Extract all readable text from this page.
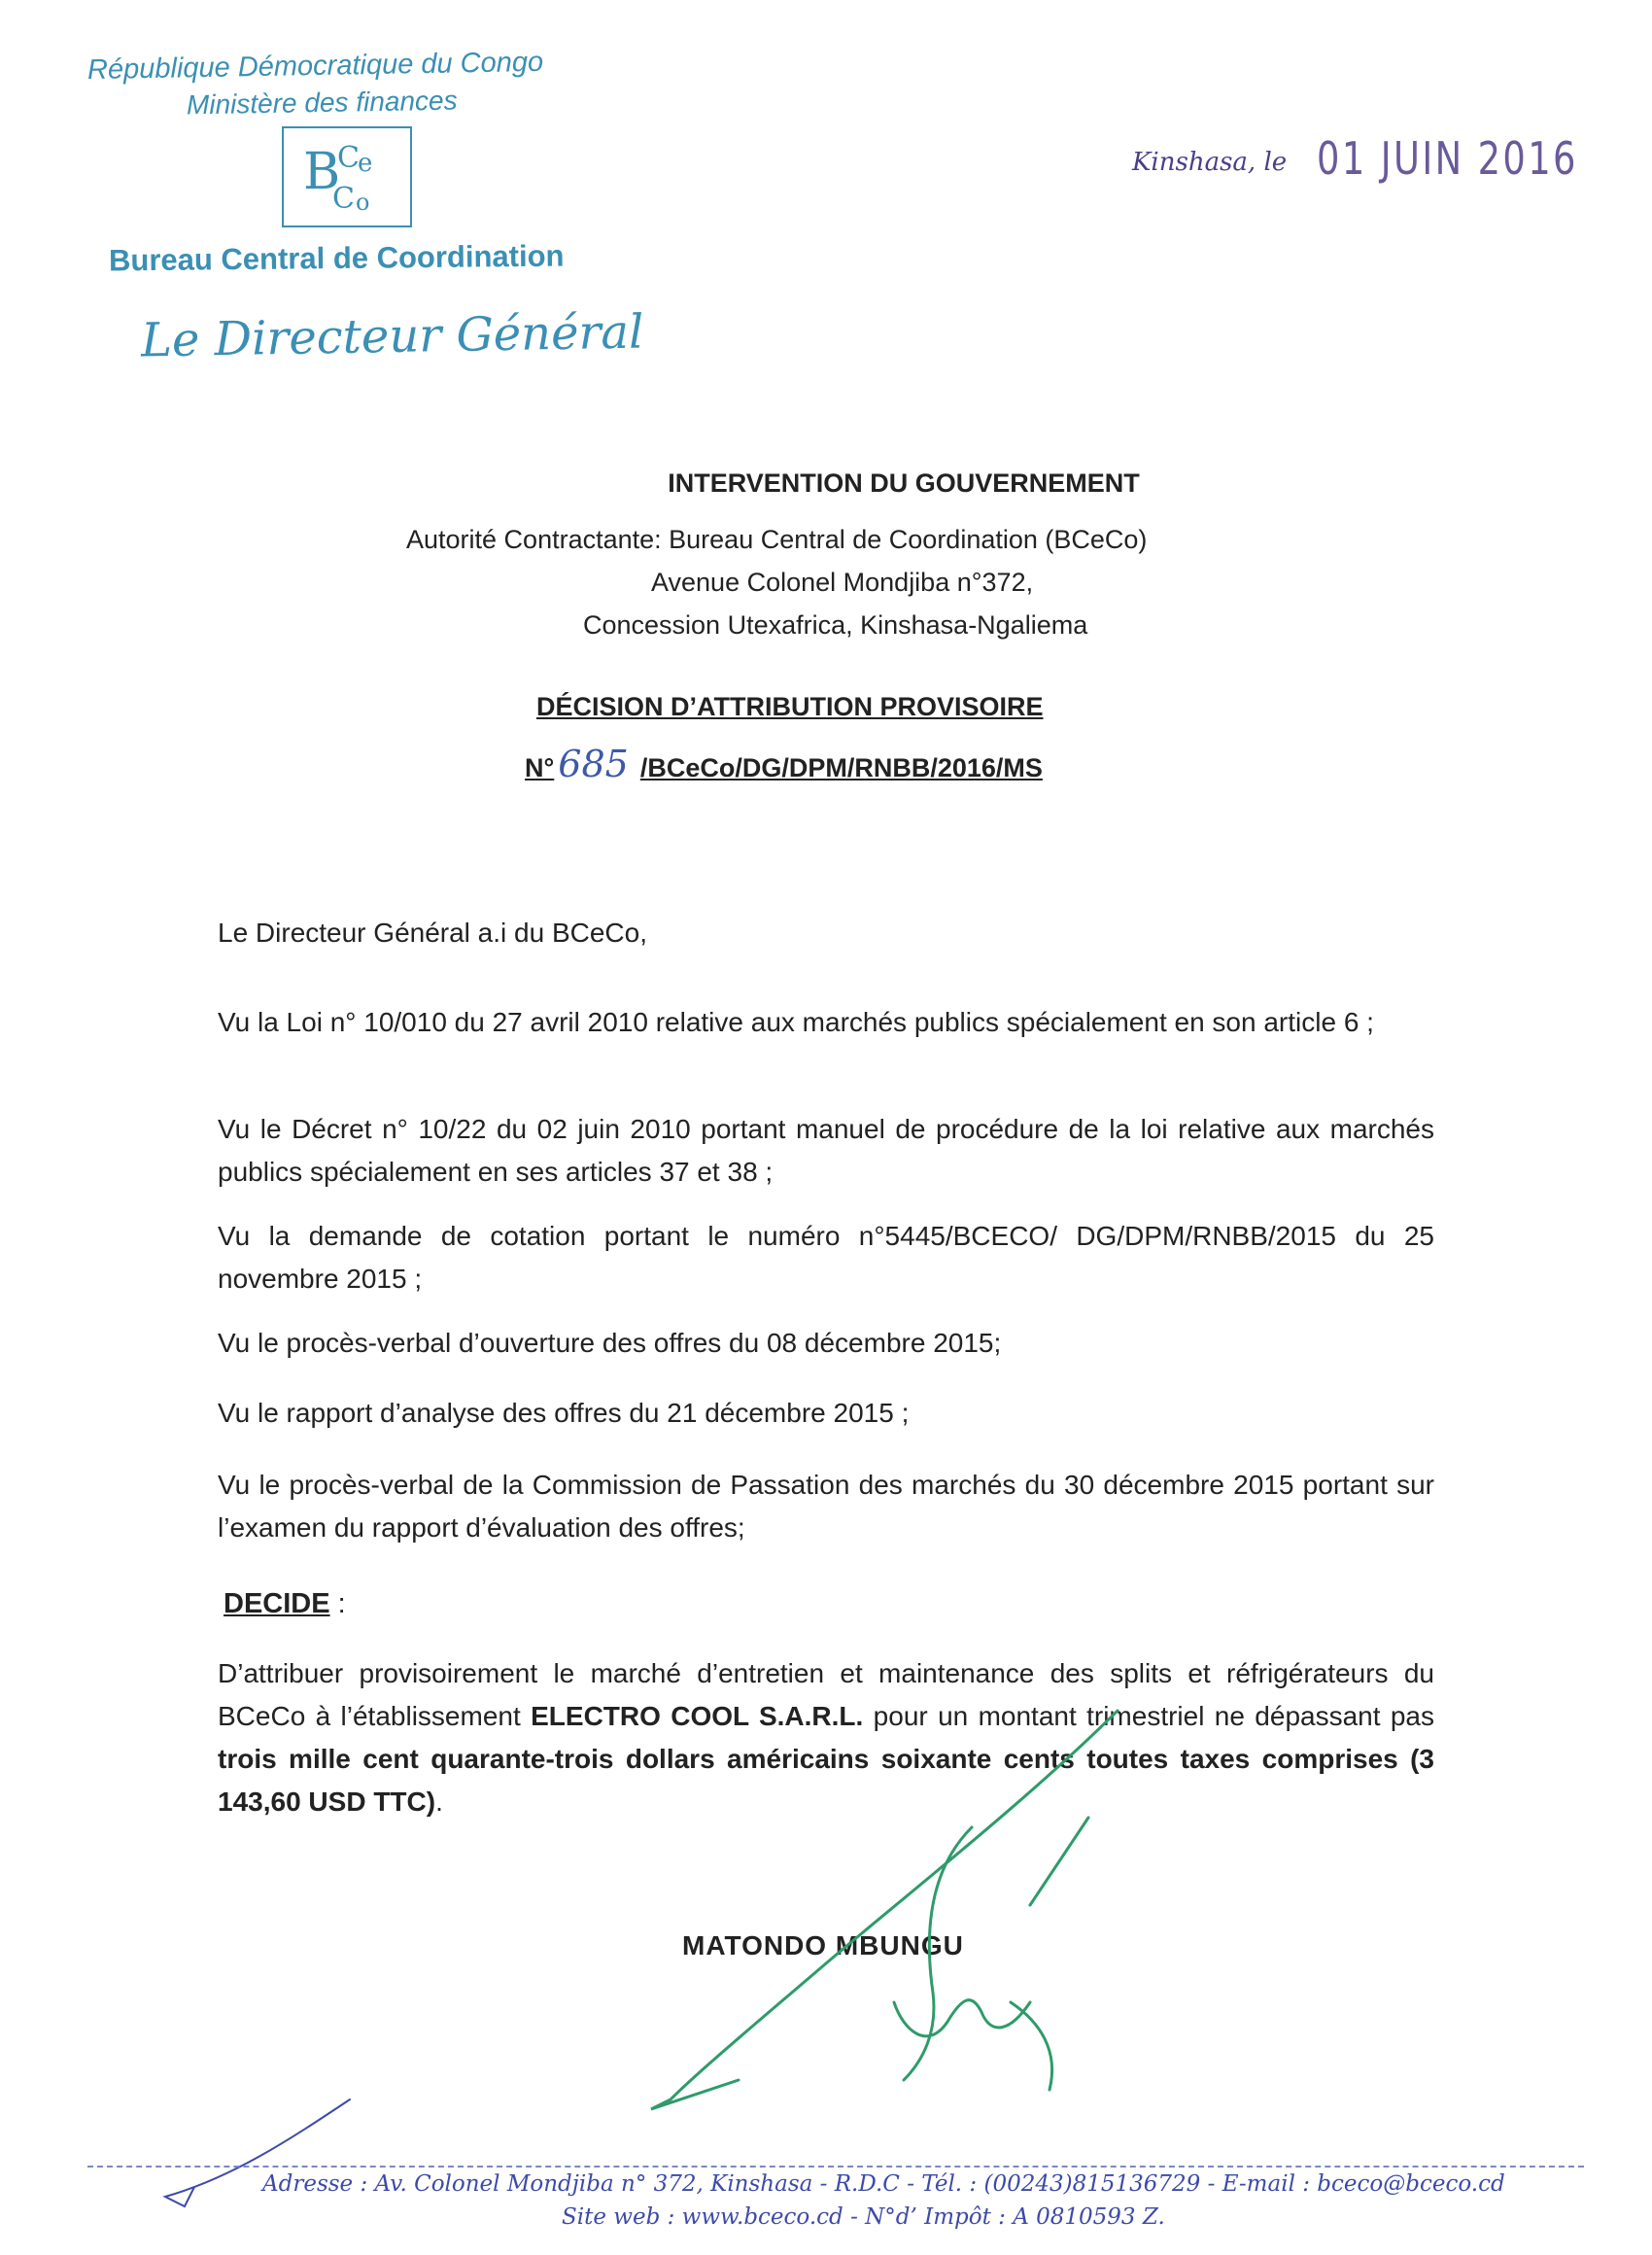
République Démocratique du Congo
Ministère des finances
B
C
e
C o
Bureau Central de Coordination
Le Directeur Général
Kinshasa, le 01 JUIN 2016
INTERVENTION DU GOUVERNEMENT
Autorité Contractante: Bureau Central de Coordination (BCeCo)
Avenue Colonel Mondjiba n°372,
Concession Utexafrica, Kinshasa-Ngaliema
DÉCISION D’ATTRIBUTION PROVISOIRE
N° 685 /BCeCo/DG/DPM/RNBB/2016/MS
Le Directeur Général a.i du BCeCo,
Vu la Loi n° 10/010 du 27 avril 2010 relative aux marchés publics spécialement en son article 6 ;
Vu le Décret n° 10/22 du 02 juin 2010 portant manuel de procédure de la loi relative aux marchés publics spécialement en ses articles 37 et 38 ;
Vu la demande de cotation portant le numéro n°5445/BCECO/ DG/DPM/RNBB/2015 du 25 novembre 2015 ;
Vu le procès-verbal d’ouverture des offres du 08 décembre 2015;
Vu le rapport d’analyse des offres du 21 décembre 2015 ;
Vu le procès-verbal de la Commission de Passation des marchés du 30 décembre 2015 portant sur l’examen du rapport d’évaluation des offres;
DECIDE :
D’attribuer provisoirement le marché d’entretien et maintenance des splits et réfrigérateurs du BCeCo à l’établissement ELECTRO COOL S.A.R.L. pour un montant trimestriel ne dépassant pas trois mille cent quarante-trois dollars américains soixante cents toutes taxes comprises (3 143,60 USD TTC).
MATONDO MBUNGU
Adresse : Av. Colonel Mondjiba n° 372, Kinshasa - R.D.C - Tél. : (00243)815136729 - E-mail : bceco@bceco.cd
Site web : www.bceco.cd - N°d’ Impôt : A 0810593 Z.
